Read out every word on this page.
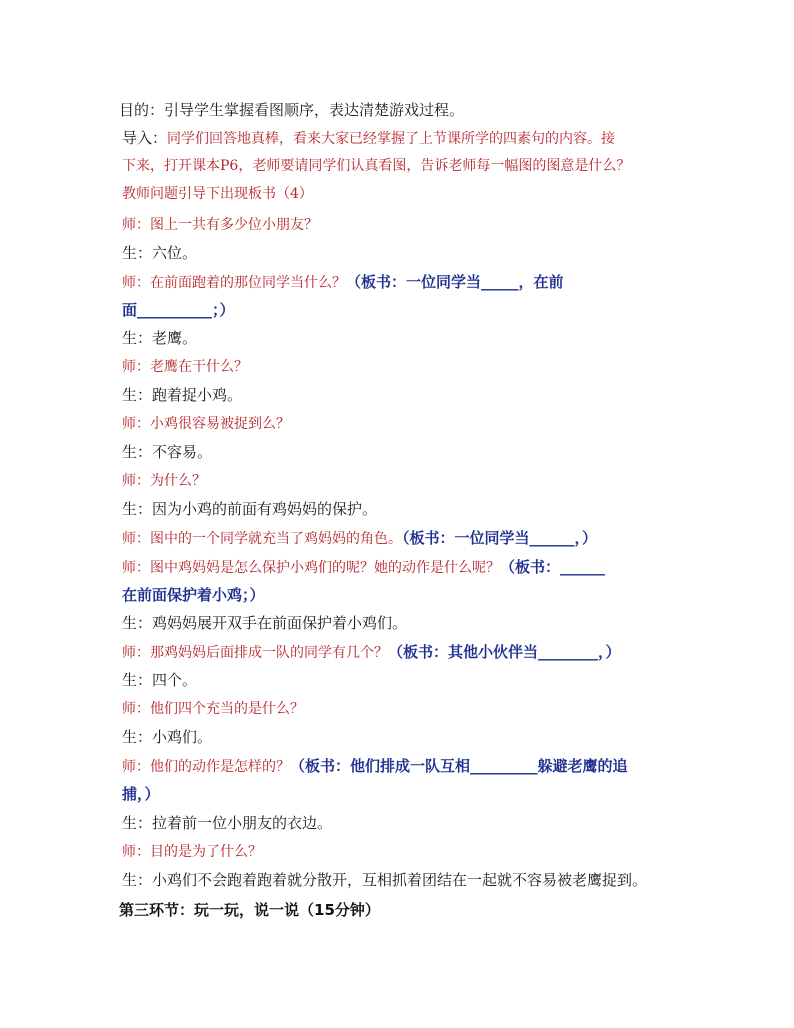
目的：引导学生掌握看图顺序，表达清楚游戏过程。
导入：同学们回答地真棒，看来大家已经掌握了上节课所学的四素句的内容。接
下来，打开课本P6，老师要请同学们认真看图，告诉老师每一幅图的图意是什么？
教师问题引导下出现板书（4）
师：图上一共有多少位小朋友？
生：六位。
师：在前面跑着的那位同学当什么？（板书：一位同学当_____，在前
面__________；）
生：老鹰。
师：老鹰在干什么？
生：跑着捉小鸡。
师：小鸡很容易被捉到么？
生：不容易。
师：为什么？
生：因为小鸡的前面有鸡妈妈的保护。
师：图中的一个同学就充当了鸡妈妈的角色。（板书：一位同学当______，）
师：图中鸡妈妈是怎么保护小鸡们的呢？她的动作是什么呢？（板书：______
在前面保护着小鸡；）
生：鸡妈妈展开双手在前面保护着小鸡们。
师：那鸡妈妈后面排成一队的同学有几个？（板书：其他小伙伴当________，）
生：四个。
师：他们四个充当的是什么？
生：小鸡们。
师：他们的动作是怎样的？（板书：他们排成一队互相_________躲避老鹰的追
捕，）
生：拉着前一位小朋友的衣边。
师：目的是为了什么？
生：小鸡们不会跑着跑着就分散开，互相抓着团结在一起就不容易被老鹰捉到。
第三环节：玩一玩，说一说（15分钟）
